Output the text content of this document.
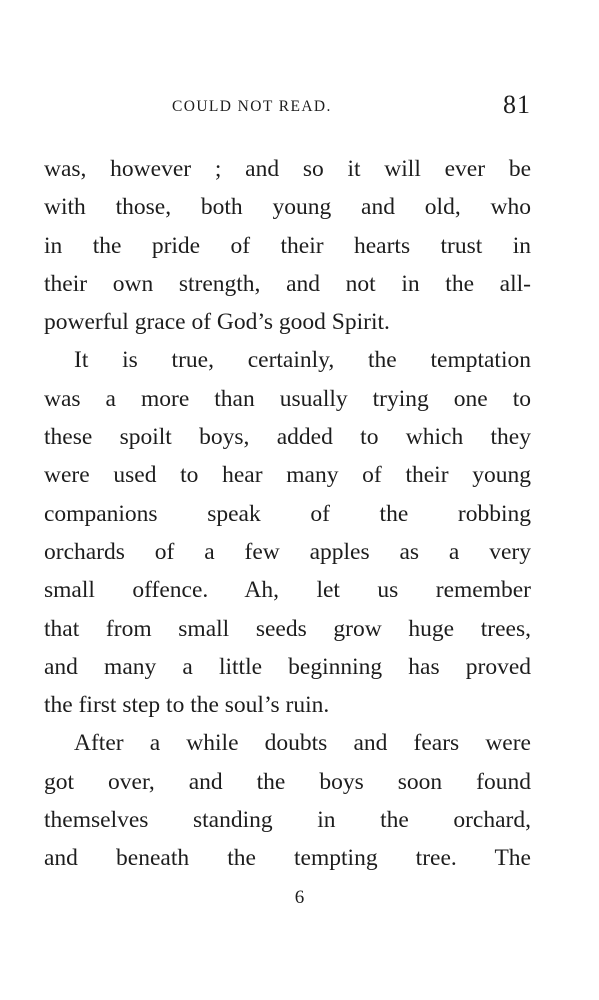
COULD NOT READ.	81
was, however ; and so it will ever be
with those, both young and old, who
in the pride of their hearts trust in
their own strength, and not in the all-
powerful grace of God’s good Spirit.
It is true, certainly, the temptation
was a more than usually trying one to
these spoilt boys, added to which they
were used to hear many of their young
companions speak of the robbing
orchards of a few apples as a very
small offence. Ah, let us remember
that from small seeds grow huge trees,
and many a little beginning has proved
the first step to the soul’s ruin.
After a while doubts and fears were
got over, and the boys soon found
themselves standing in the orchard,
and beneath the tempting tree. The
6
